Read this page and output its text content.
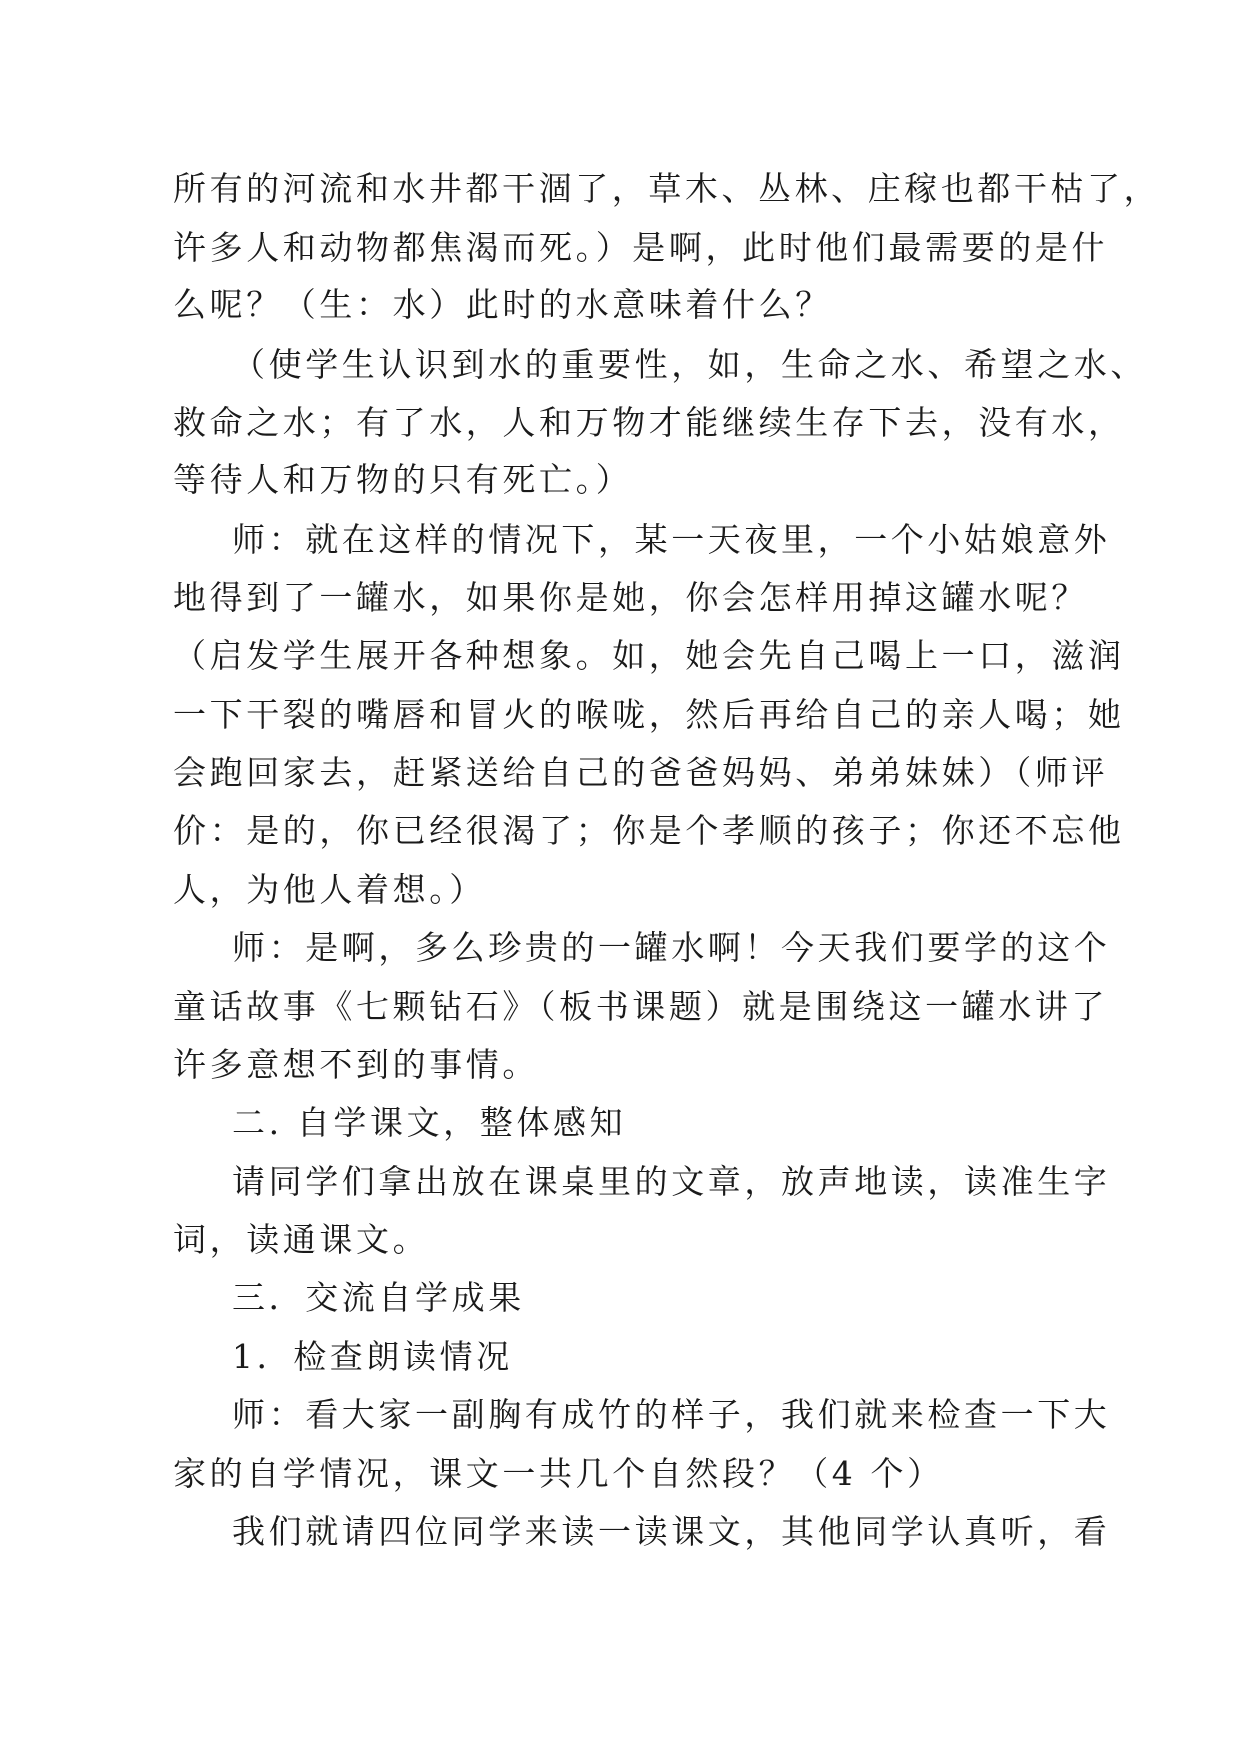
所有的河流和水井都干涸了，草木、丛林、庄稼也都干枯了，
许多人和动物都焦渴而死。）是啊，此时他们最需要的是什
么呢？（生：水）此时的水意味着什么？
（使学生认识到水的重要性，如，生命之水、希望之水、
救命之水；有了水，人和万物才能继续生存下去，没有水，
等待人和万物的只有死亡。）
师：就在这样的情况下，某一天夜里，一个小姑娘意外
地得到了一罐水，如果你是她，你会怎样用掉这罐水呢？
（启发学生展开各种想象。如，她会先自己喝上一口，滋润
一下干裂的嘴唇和冒火的喉咙，然后再给自己的亲人喝；她
会跑回家去，赶紧送给自己的爸爸妈妈、弟弟妹妹）（师评
价：是的，你已经很渴了；你是个孝顺的孩子；你还不忘他
人，为他人着想。）
师：是啊，多么珍贵的一罐水啊！今天我们要学的这个
童话故事《七颗钻石》（板书课题）就是围绕这一罐水讲了
许多意想不到的事情。
二. 自学课文，整体感知
请同学们拿出放在课桌里的文章，放声地读，读准生字
词，读通课文。
三．交流自学成果
1．检查朗读情况
师：看大家一副胸有成竹的样子，我们就来检查一下大
家的自学情况，课文一共几个自然段？（4 个）
我们就请四位同学来读一读课文，其他同学认真听，看
